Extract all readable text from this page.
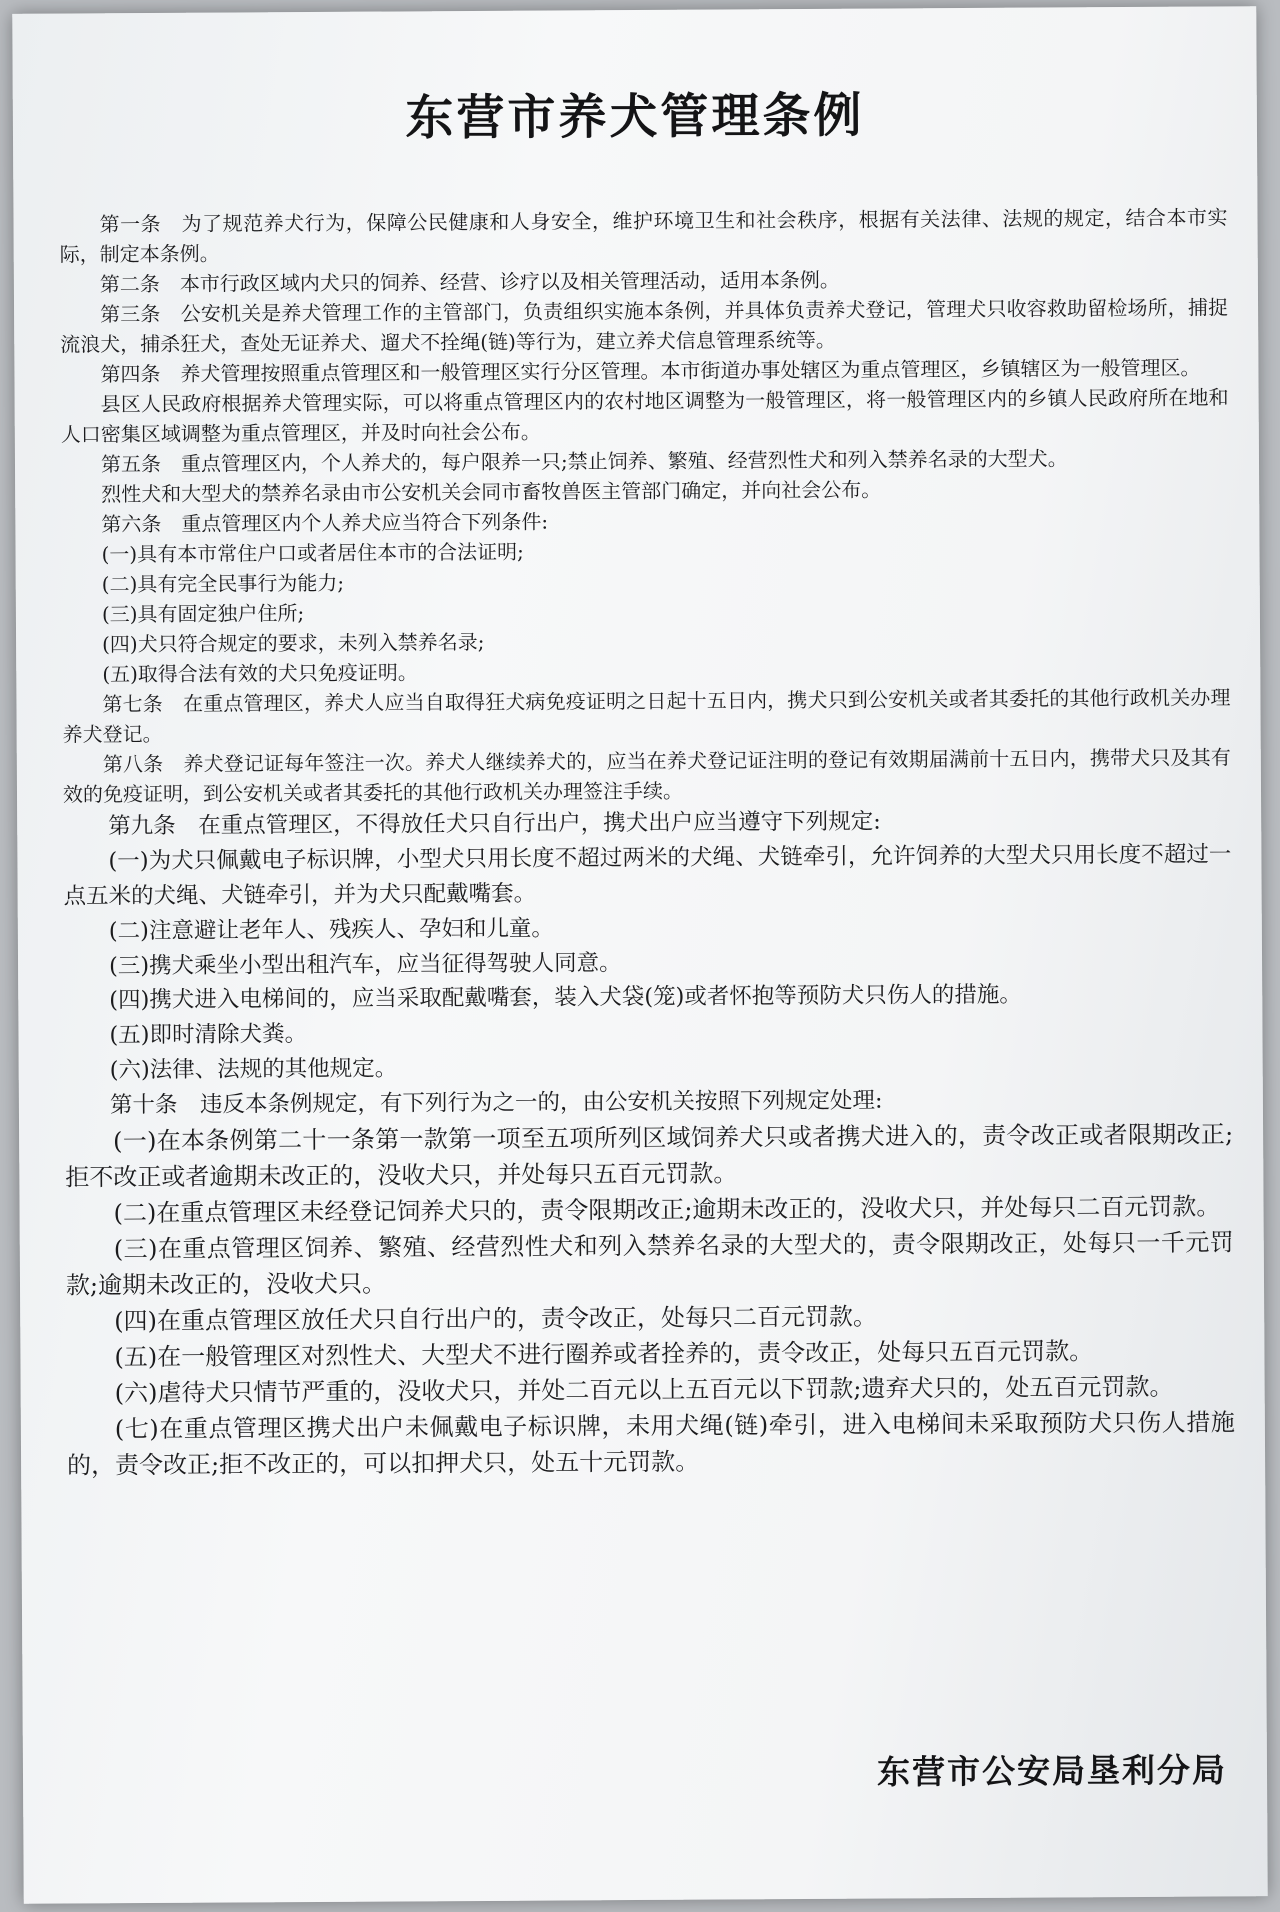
东营市养犬管理条例

第一条　为了规范养犬行为，保障公民健康和人身安全，维护环境卫生和社会秩序，根据有关法律、法规的规定，结合本市实际，制定本条例。

第二条　本市行政区域内犬只的饲养、经营、诊疗以及相关管理活动，适用本条例。

第三条　公安机关是养犬管理工作的主管部门，负责组织实施本条例，并具体负责养犬登记，管理犬只收容救助留检场所，捕捉流浪犬，捕杀狂犬，查处无证养犬、遛犬不拴绳(链)等行为，建立养犬信息管理系统等。

第四条　养犬管理按照重点管理区和一般管理区实行分区管理。本市街道办事处辖区为重点管理区，乡镇辖区为一般管理区。

县区人民政府根据养犬管理实际，可以将重点管理区内的农村地区调整为一般管理区，将一般管理区内的乡镇人民政府所在地和人口密集区域调整为重点管理区，并及时向社会公布。

第五条　重点管理区内，个人养犬的，每户限养一只;禁止饲养、繁殖、经营烈性犬和列入禁养名录的大型犬。

烈性犬和大型犬的禁养名录由市公安机关会同市畜牧兽医主管部门确定，并向社会公布。

第六条　重点管理区内个人养犬应当符合下列条件:

(一)具有本市常住户口或者居住本市的合法证明;

(二)具有完全民事行为能力;

(三)具有固定独户住所;

(四)犬只符合规定的要求，未列入禁养名录;

(五)取得合法有效的犬只免疫证明。

第七条　在重点管理区，养犬人应当自取得狂犬病免疫证明之日起十五日内，携犬只到公安机关或者其委托的其他行政机关办理养犬登记。

第八条　养犬登记证每年签注一次。养犬人继续养犬的，应当在养犬登记证注明的登记有效期届满前十五日内，携带犬只及其有效的免疫证明，到公安机关或者其委托的其他行政机关办理签注手续。

第九条　在重点管理区，不得放任犬只自行出户，携犬出户应当遵守下列规定:

(一)为犬只佩戴电子标识牌，小型犬只用长度不超过两米的犬绳、犬链牵引，允许饲养的大型犬只用长度不超过一点五米的犬绳、犬链牵引，并为犬只配戴嘴套。

(二)注意避让老年人、残疾人、孕妇和儿童。

(三)携犬乘坐小型出租汽车，应当征得驾驶人同意。

(四)携犬进入电梯间的，应当采取配戴嘴套，装入犬袋(笼)或者怀抱等预防犬只伤人的措施。

(五)即时清除犬粪。

(六)法律、法规的其他规定。

第十条　违反本条例规定，有下列行为之一的，由公安机关按照下列规定处理:

(一)在本条例第二十一条第一款第一项至五项所列区域饲养犬只或者携犬进入的，责令改正或者限期改正;拒不改正或者逾期未改正的，没收犬只，并处每只五百元罚款。

(二)在重点管理区未经登记饲养犬只的，责令限期改正;逾期未改正的，没收犬只，并处每只二百元罚款。

(三)在重点管理区饲养、繁殖、经营烈性犬和列入禁养名录的大型犬的，责令限期改正，处每只一千元罚款;逾期未改正的，没收犬只。

(四)在重点管理区放任犬只自行出户的，责令改正，处每只二百元罚款。

(五)在一般管理区对烈性犬、大型犬不进行圈养或者拴养的，责令改正，处每只五百元罚款。

(六)虐待犬只情节严重的，没收犬只，并处二百元以上五百元以下罚款;遗弃犬只的，处五百元罚款。

(七)在重点管理区携犬出户未佩戴电子标识牌，未用犬绳(链)牵引，进入电梯间未采取预防犬只伤人措施的，责令改正;拒不改正的，可以扣押犬只，处五十元罚款。

东营市公安局垦利分局
